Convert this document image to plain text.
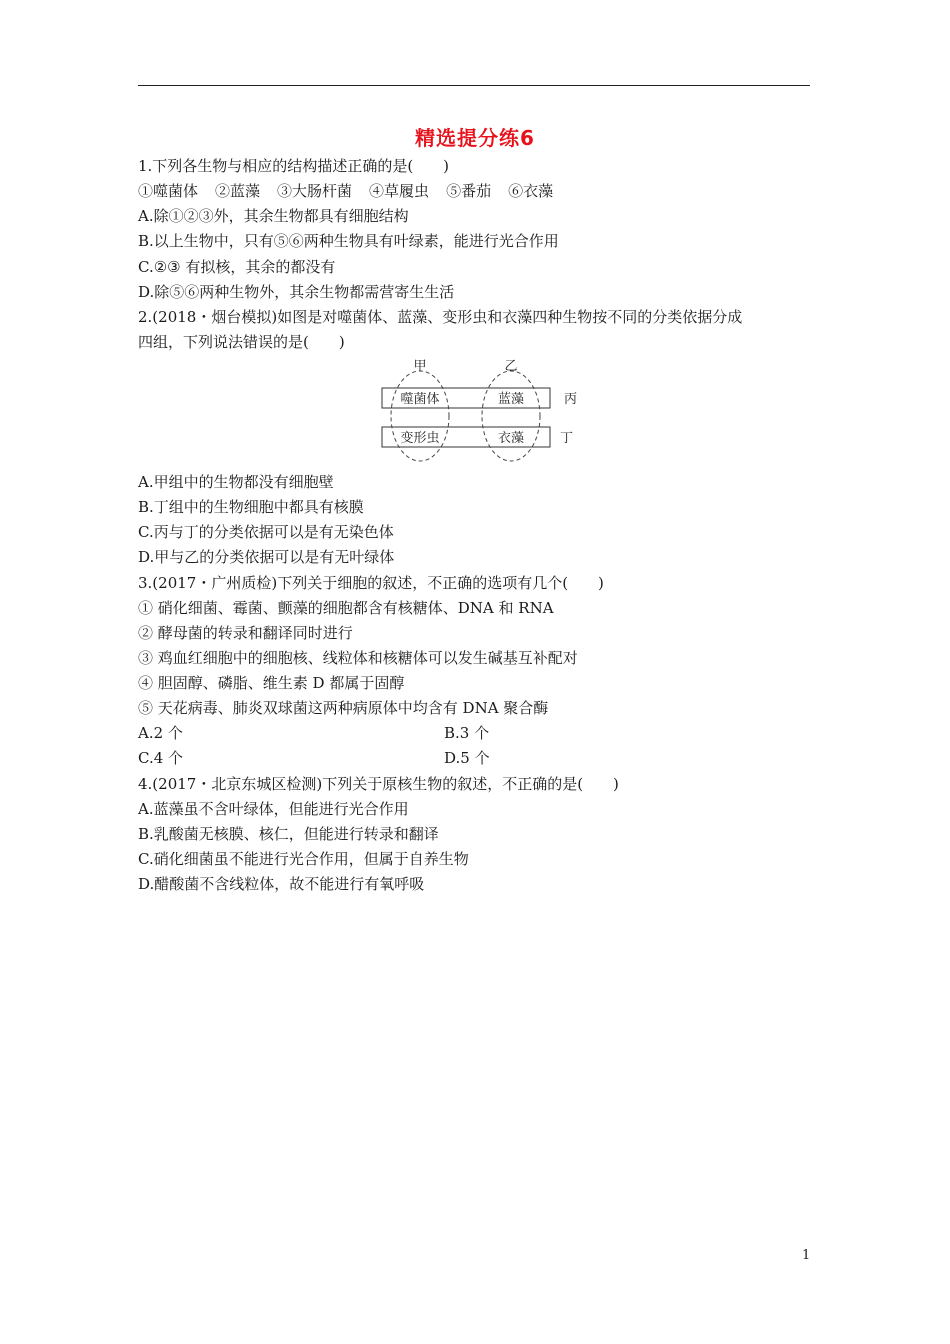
精选提分练6
1.下列各生物与相应的结构描述正确的是(　　)
①噬菌体 ②蓝藻 ③大肠杆菌 ④草履虫 ⑤番茄 ⑥衣藻
A.除①②③外，其余生物都具有细胞结构
B.以上生物中，只有⑤⑥两种生物具有叶绿素，能进行光合作用
C.②③ 有拟核，其余的都没有
D.除⑤⑥两种生物外，其余生物都需营寄生生活
2.(2018・烟台模拟)如图是对噬菌体、蓝藻、变形虫和衣藻四种生物按不同的分类依据分成
四组，下列说法错误的是(　　)
甲	乙
丙
丁
噬菌体	蓝藻
变形虫	衣藻
A.甲组中的生物都没有细胞壁
B.丁组中的生物细胞中都具有核膜
C.丙与丁的分类依据可以是有无染色体
D.甲与乙的分类依据可以是有无叶绿体
3.(2017・广州质检)下列关于细胞的叙述，不正确的选项有几个(　　)
① 硝化细菌、霉菌、颤藻的细胞都含有核糖体、DNA 和 RNA
② 酵母菌的转录和翻译同时进行
③ 鸡血红细胞中的细胞核、线粒体和核糖体可以发生碱基互补配对
④ 胆固醇、磷脂、维生素 D 都属于固醇
⑤ 天花病毒、肺炎双球菌这两种病原体中均含有 DNA 聚合酶
A.2 个	B.3 个
C.4 个	D.5 个
4.(2017・北京东城区检测)下列关于原核生物的叙述，不正确的是(　　)
A.蓝藻虽不含叶绿体，但能进行光合作用
B.乳酸菌无核膜、核仁，但能进行转录和翻译
C.硝化细菌虽不能进行光合作用，但属于自养生物
D.醋酸菌不含线粒体，故不能进行有氧呼吸
1
